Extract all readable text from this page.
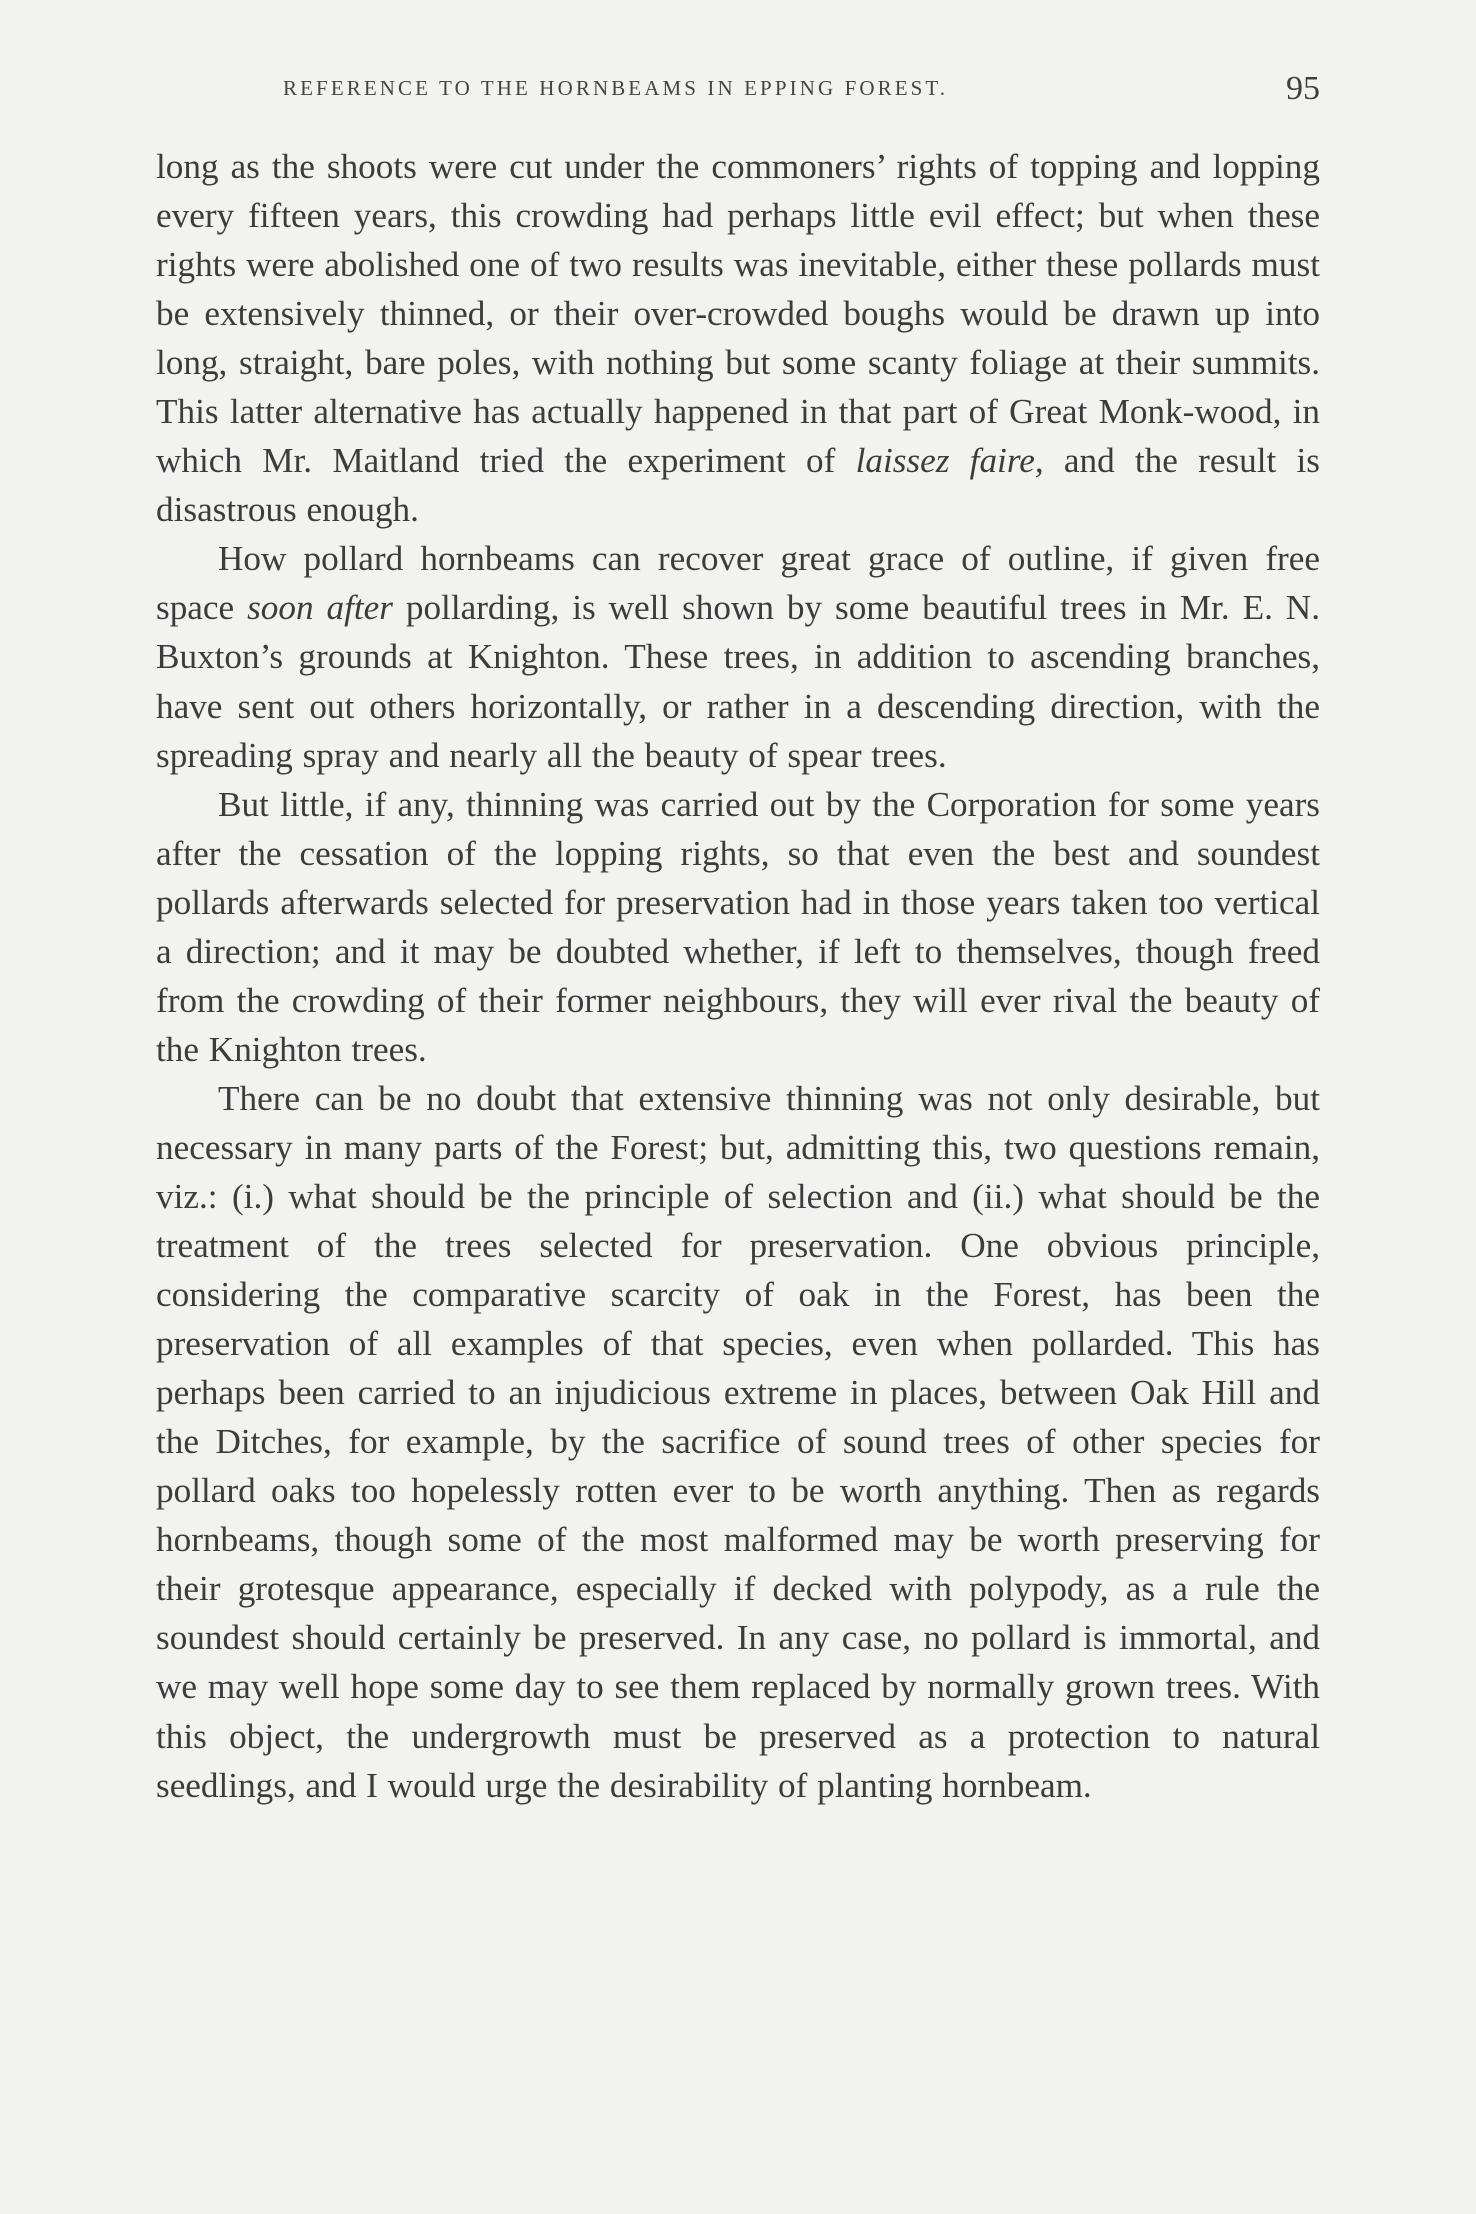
REFERENCE TO THE HORNBEAMS IN EPPING FOREST.	95

long as the shoots were cut under the commoners’ rights of topping and lopping every fifteen years, this crowding had perhaps little evil effect; but when these rights were abolished one of two results was inevitable, either these pollards must be extensively thinned, or their over-crowded boughs would be drawn up into long, straight, bare poles, with nothing but some scanty foliage at their summits. This latter alternative has actually happened in that part of Great Monk-wood, in which Mr. Maitland tried the experiment of laissez faire, and the result is disastrous enough.

How pollard hornbeams can recover great grace of outline, if given free space soon after pollarding, is well shown by some beautiful trees in Mr. E. N. Buxton’s grounds at Knighton. These trees, in addition to ascending branches, have sent out others horizontally, or rather in a descending direction, with the spreading spray and nearly all the beauty of spear trees.

But little, if any, thinning was carried out by the Corporation for some years after the cessation of the lopping rights, so that even the best and soundest pollards afterwards selected for preservation had in those years taken too vertical a direction; and it may be doubted whether, if left to themselves, though freed from the crowding of their former neighbours, they will ever rival the beauty of the Knighton trees.

There can be no doubt that extensive thinning was not only desirable, but necessary in many parts of the Forest; but, admitting this, two questions remain, viz.: (i.) what should be the principle of selection and (ii.) what should be the treatment of the trees selected for preservation. One obvious principle, considering the comparative scarcity of oak in the Forest, has been the preservation of all examples of that species, even when pollarded. This has perhaps been carried to an injudicious extreme in places, between Oak Hill and the Ditches, for example, by the sacrifice of sound trees of other species for pollard oaks too hopelessly rotten ever to be worth anything. Then as regards hornbeams, though some of the most malformed may be worth preserving for their grotesque appearance, especially if decked with polypody, as a rule the soundest should certainly be preserved. In any case, no pollard is immortal, and we may well hope some day to see them replaced by normally grown trees. With this object, the undergrowth must be preserved as a protection to natural seedlings, and I would urge the desirability of planting hornbeam.
